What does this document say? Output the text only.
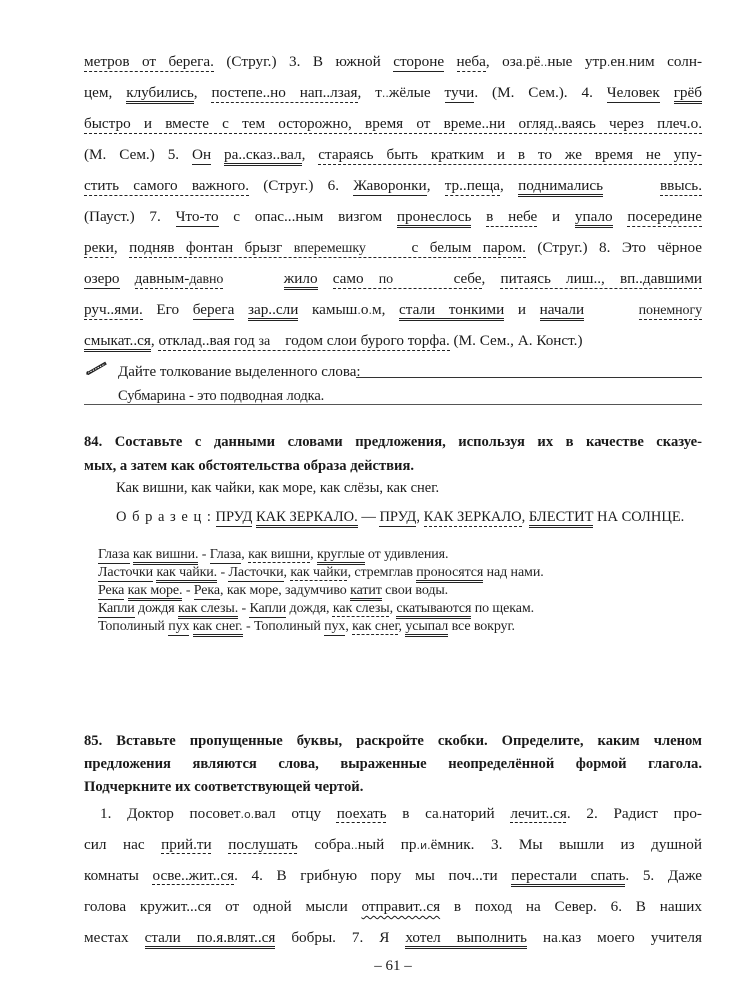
метров от берега. (Струг.) 3. В южной стороне неба, оза.рё..ные утр.ен.ним солн-
цем, клубились, постепе..но нап..лзая, т..жёлые тучи. (М. Сем.). 4. Человек грёб
быстро и вместе с тем осторожно, время от време..ни огляд..ваясь через плеч.о.
(М. Сем.) 5. Он ра..сказ..вал, стараясь быть кратким и в то же время не упу-
стить самого важного. (Струг.) 6. Жаворонки, тр..пеща, поднимались	ввысь.
(Пауст.) 7. Что-то с опас...ным визгом пронеслось в небе и упало посередине
реки, подняв фонтан брызг вперемешку    с белым паром. (Струг.) 8. Это чёрное
озеро давным-давно	жило само по    себе, питаясь лиш.., вп..давшими
руч..ями. Его берега зар..сли камыш.о.м, стали тонкими и начали	понемногу
смыкат..ся, отклад..вая год за    годом слои бурого торфа. (М. Сем., А. Конст.)
Дайте толкование выделенного слова:
Субмарина - это подводная лодка.
84. Составьте с данными словами предложения, используя их в качестве сказуе-
мых, а затем как обстоятельства образа действия.
Как вишни, как чайки, как море, как слёзы, как снег.
О б р а з е ц : ПРУД КАК ЗЕРКАЛО. — ПРУД, КАК ЗЕРКАЛО, БЛЕСТИТ НА СОЛНЦЕ.
Глаза как вишни. - Глаза, как вишни, круглые от удивления.
Ласточки как чайки. - Ласточки, как чайки, стремглав проносятся над нами.
Река как море. - Река, как море, задумчиво катит свои воды.
Капли дождя как слезы. - Капли дождя, как слезы, скатываются по щекам.
Тополиный пух как снег. - Тополиный пух, как снег, усыпал все вокруг.
85. Вставьте пропущенные буквы, раскройте скобки. Определите, каким членом
предложения являются слова, выраженные неопределённой формой глагола.
Подчеркните их соответствующей чертой.
1. Доктор посовет.о.вал отцу поехать в са.наторий лечит..ся. 2. Радист про-
сил нас прий.ти послушать собра..ный пр.и.ёмник. 3. Мы вышли из душной
комнаты осве..жит..ся. 4. В грибную пору мы поч...ти перестали спать. 5. Даже
голова кружит...ся от одной мысли отправит..ся в поход на Север. 6. В наших
местах стали по.я.влят..ся бобры. 7. Я хотел выполнить на.каз моего учителя
– 61 –
